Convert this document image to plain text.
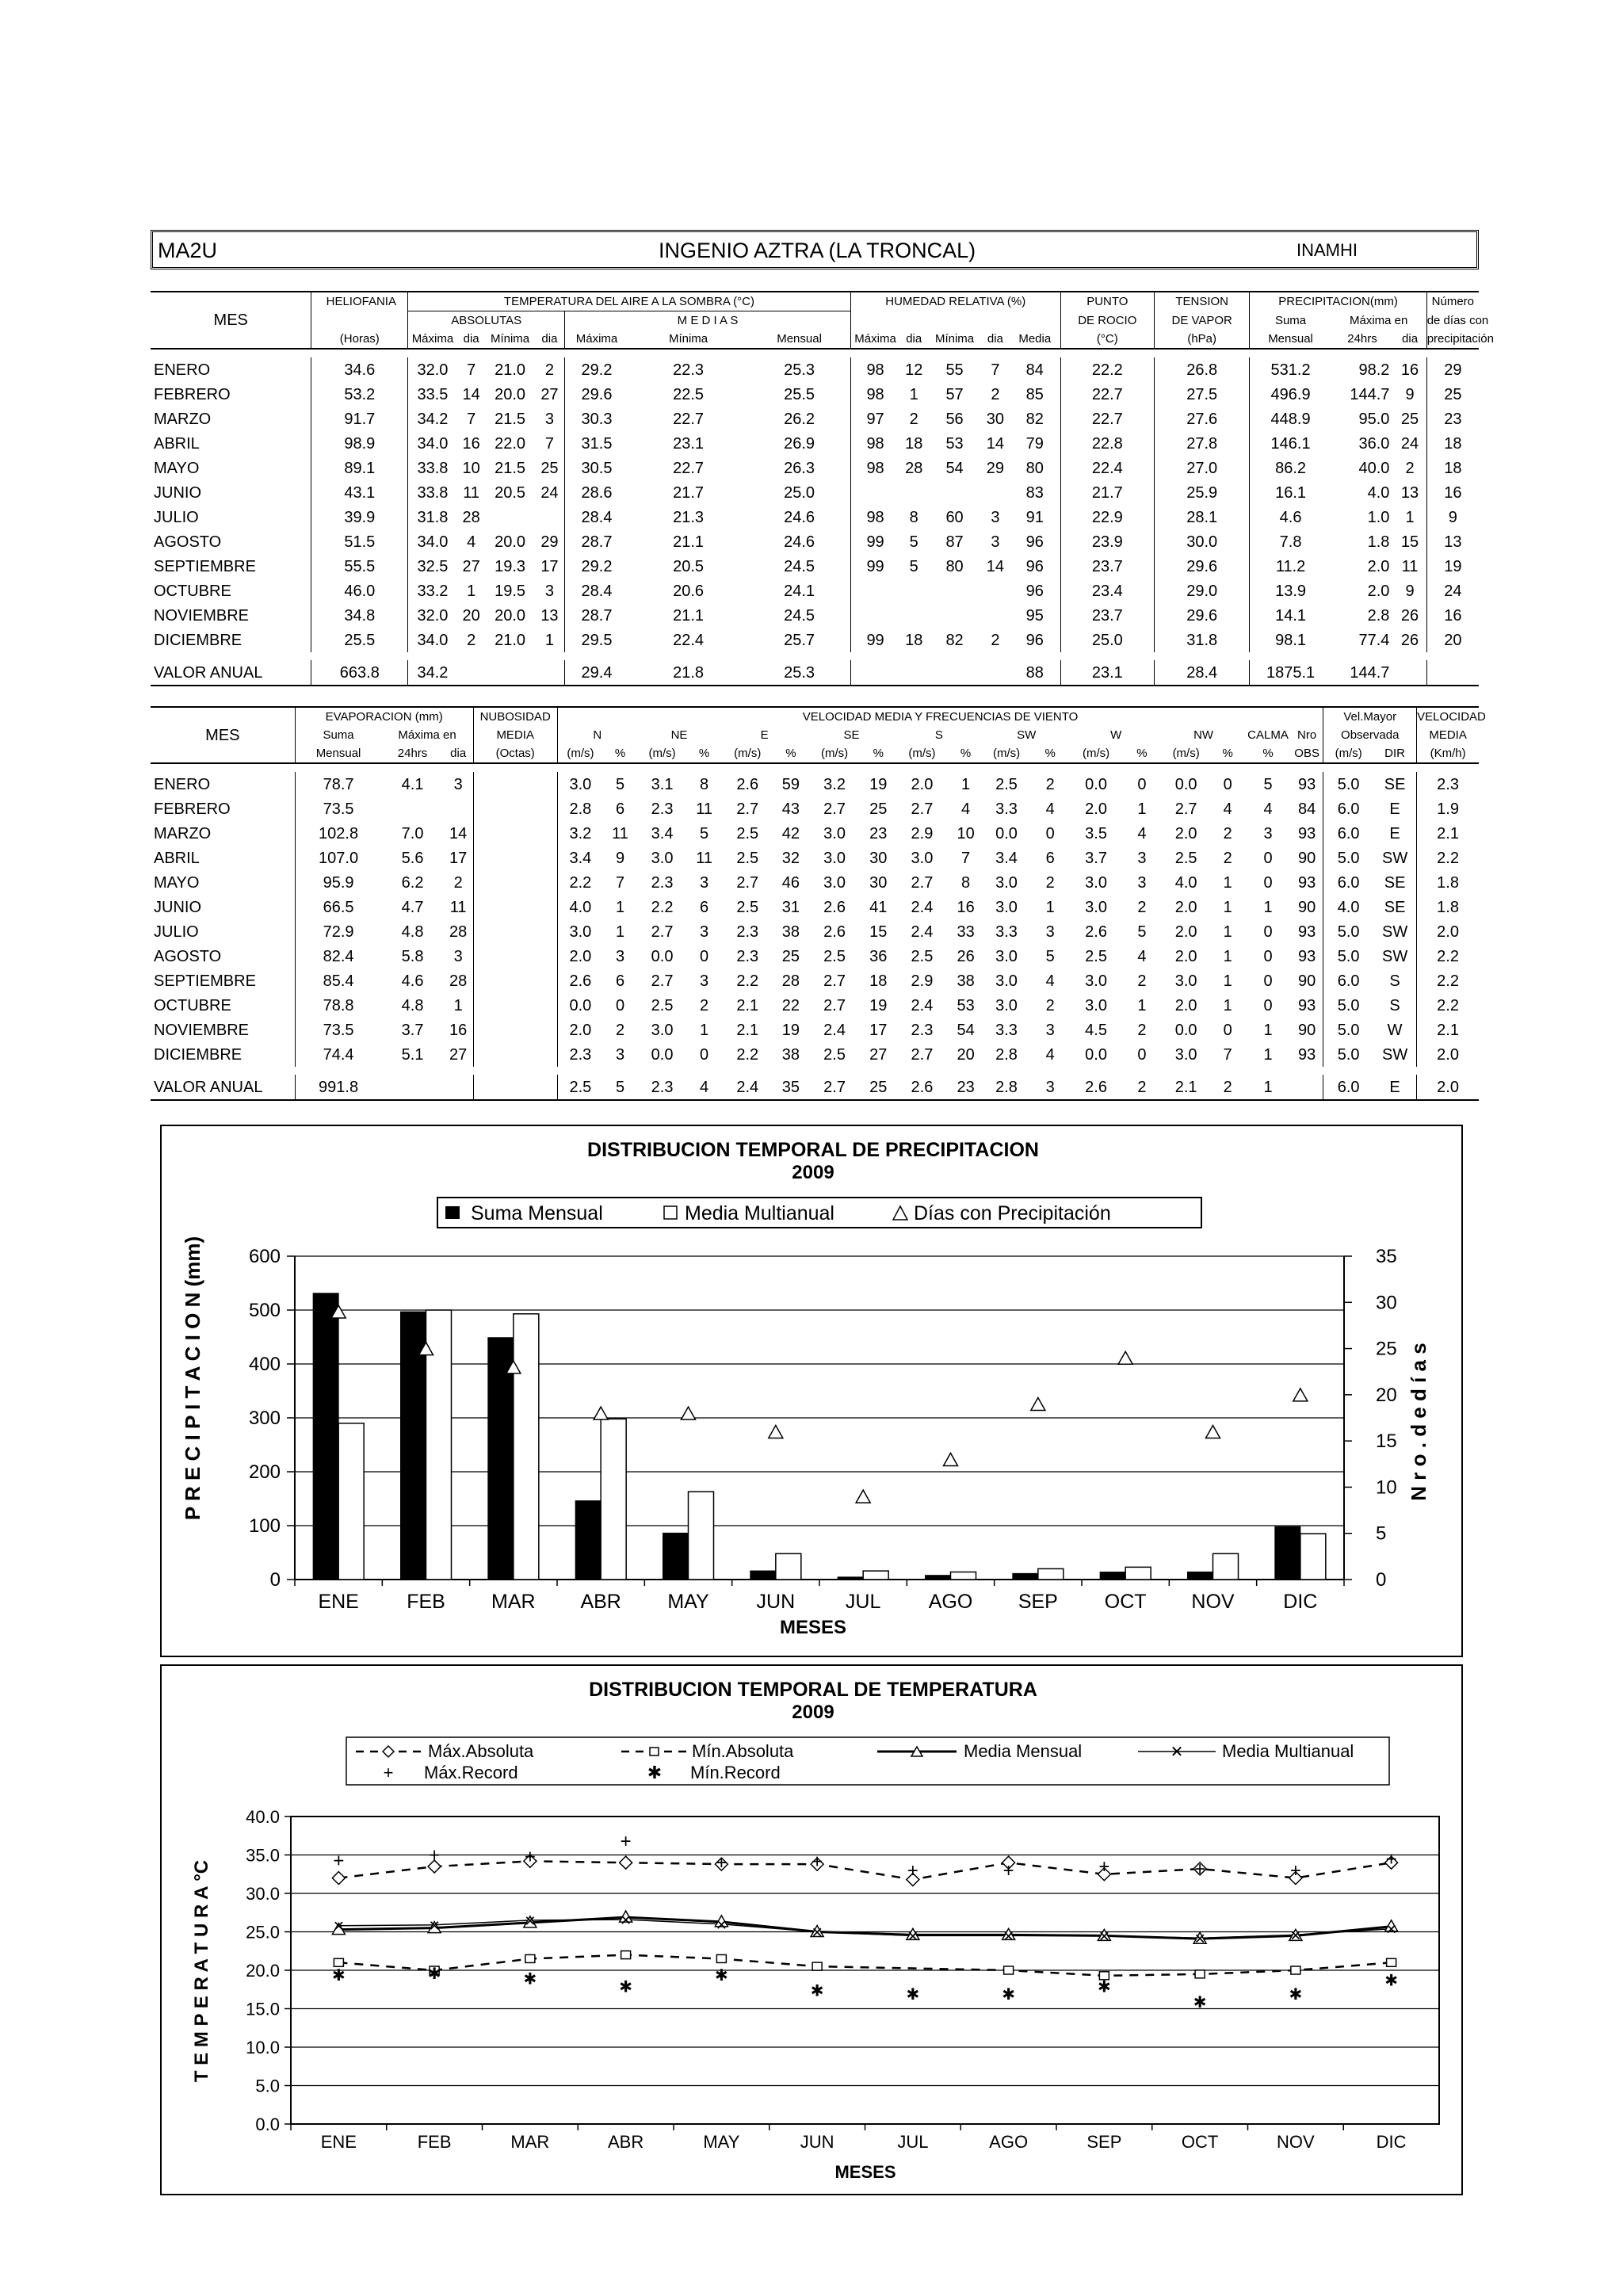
MA2U	INGENIO AZTRA (LA TRONCAL)	INAMHI
	HELIOFANIA	TEMPERATURA DEL AIRE A LA SOMBRA (°C)							HUMEDAD RELATIVA (%)					PUNTO	TENSION	PRECIPITACION(mm)			Número
MES		ABSOLUTAS				M E D I A S								DE ROCIO	DE VAPOR	Suma	Máxima en		de días con
	(Horas)	Máxima	dia	Mínima	dia	Máxima	Mínima	Mensual	Máxima	dia	Mínima	dia	Media	(°C)	(hPa)	Mensual	24hrs	dia	precipitación

ENERO	34.6	32.0	7	21.0	2	29.2	22.3	25.3	98	12	55	7	84	22.2	26.8	531.2	98.2	16	29
FEBRERO	53.2	33.5	14	20.0	27	29.6	22.5	25.5	98	1	57	2	85	22.7	27.5	496.9	144.7	9	25
MARZO	91.7	34.2	7	21.5	3	30.3	22.7	26.2	97	2	56	30	82	22.7	27.6	448.9	95.0	25	23
ABRIL	98.9	34.0	16	22.0	7	31.5	23.1	26.9	98	18	53	14	79	22.8	27.8	146.1	36.0	24	18
MAYO	89.1	33.8	10	21.5	25	30.5	22.7	26.3	98	28	54	29	80	22.4	27.0	86.2	40.0	2	18
JUNIO	43.1	33.8	11	20.5	24	28.6	21.7	25.0					83	21.7	25.9	16.1	4.0	13	16
JULIO	39.9	31.8	28			28.4	21.3	24.6	98	8	60	3	91	22.9	28.1	4.6	1.0	1	9
AGOSTO	51.5	34.0	4	20.0	29	28.7	21.1	24.6	99	5	87	3	96	23.9	30.0	7.8	1.8	15	13
SEPTIEMBRE	55.5	32.5	27	19.3	17	29.2	20.5	24.5	99	5	80	14	96	23.7	29.6	11.2	2.0	11	19
OCTUBRE	46.0	33.2	1	19.5	3	28.4	20.6	24.1					96	23.4	29.0	13.9	2.0	9	24
NOVIEMBRE	34.8	32.0	20	20.0	13	28.7	21.1	24.5					95	23.7	29.6	14.1	2.8	26	16
DICIEMBRE	25.5	34.0	2	21.0	1	29.5	22.4	25.7	99	18	82	2	96	25.0	31.8	98.1	77.4	26	20

VALOR ANUAL	663.8	34.2				29.4	21.8	25.3					88	23.1	28.4	1875.1	144.7		
	EVAPORACION (mm)			NUBOSIDAD	VELOCIDAD MEDIA Y FRECUENCIAS DE VIENTO																		Vel.Mayor		VELOCIDAD
MES	Suma	Máxima en		MEDIA	N		NE		E		SE		S		SW		W		NW		CALMA	Nro	Observada		MEDIA
	Mensual	24hrs	dia	(Octas)	(m/s)	%	(m/s)	%	(m/s)	%	(m/s)	%	(m/s)	%	(m/s)	%	(m/s)	%	(m/s)	%	%	OBS	(m/s)	DIR	(Km/h)

ENERO	78.7	4.1	3		3.0	5	3.1	8	2.6	59	3.2	19	2.0	1	2.5	2	0.0	0	0.0	0	5	93	5.0	SE	2.3
FEBRERO	73.5				2.8	6	2.3	11	2.7	43	2.7	25	2.7	4	3.3	4	2.0	1	2.7	4	4	84	6.0	E	1.9
MARZO	102.8	7.0	14		3.2	11	3.4	5	2.5	42	3.0	23	2.9	10	0.0	0	3.5	4	2.0	2	3	93	6.0	E	2.1
ABRIL	107.0	5.6	17		3.4	9	3.0	11	2.5	32	3.0	30	3.0	7	3.4	6	3.7	3	2.5	2	0	90	5.0	SW	2.2
MAYO	95.9	6.2	2		2.2	7	2.3	3	2.7	46	3.0	30	2.7	8	3.0	2	3.0	3	4.0	1	0	93	6.0	SE	1.8
JUNIO	66.5	4.7	11		4.0	1	2.2	6	2.5	31	2.6	41	2.4	16	3.0	1	3.0	2	2.0	1	1	90	4.0	SE	1.8
JULIO	72.9	4.8	28		3.0	1	2.7	3	2.3	38	2.6	15	2.4	33	3.3	3	2.6	5	2.0	1	0	93	5.0	SW	2.0
AGOSTO	82.4	5.8	3		2.0	3	0.0	0	2.3	25	2.5	36	2.5	26	3.0	5	2.5	4	2.0	1	0	93	5.0	SW	2.2
SEPTIEMBRE	85.4	4.6	28		2.6	6	2.7	3	2.2	28	2.7	18	2.9	38	3.0	4	3.0	2	3.0	1	0	90	6.0	S	2.2
OCTUBRE	78.8	4.8	1		0.0	0	2.5	2	2.1	22	2.7	19	2.4	53	3.0	2	3.0	1	2.0	1	0	93	5.0	S	2.2
NOVIEMBRE	73.5	3.7	16		2.0	2	3.0	1	2.1	19	2.4	17	2.3	54	3.3	3	4.5	2	0.0	0	1	90	5.0	W	2.1
DICIEMBRE	74.4	5.1	27		2.3	3	0.0	0	2.2	38	2.5	27	2.7	20	2.8	4	0.0	0	3.0	7	1	93	5.0	SW	2.0

VALOR ANUAL	991.8				2.5	5	2.3	4	2.4	35	2.7	25	2.6	23	2.8	3	2.6	2	2.1	2	1		6.0	E	2.0
DISTRIBUCION TEMPORAL DE PRECIPITACION
2009
Suma Mensual	Media Multianual	Días con Precipitación
P R E C I P I T A C I O N (mm)	N r o . d e d í a s
MESES
0
100
200
300
400
500
600
0
5
10
15
20
25
30
35
ENE FEB MAR ABR MAY JUN	JUL AGO SEP OCT NOV DIC
DISTRIBUCION TEMPORAL DE TEMPERATURA
2009
Máx.Absoluta	Mín.Absoluta	Media Mensual	✕ Media Multianual
+ Máx.Record	✱ Mín.Record
T E M P E R A T U R A °C
MESES
0.0
5.0
10.0
15.0
20.0
25.0
30.0
35.0
40.0
ENE	FEB	MAR	ABR	MAY	JUN	JUL	AGO	SEP	OCT	NOV	DIC
✕	✕	✕	✕	✕	✕	✕	✕	✕	✕	✕	✕
+	+	+
+
+	+	+	+	+	+	+
+
✱	✱	✱	✱
✱
✱	✱	✱	✱
✱	✱
✱
